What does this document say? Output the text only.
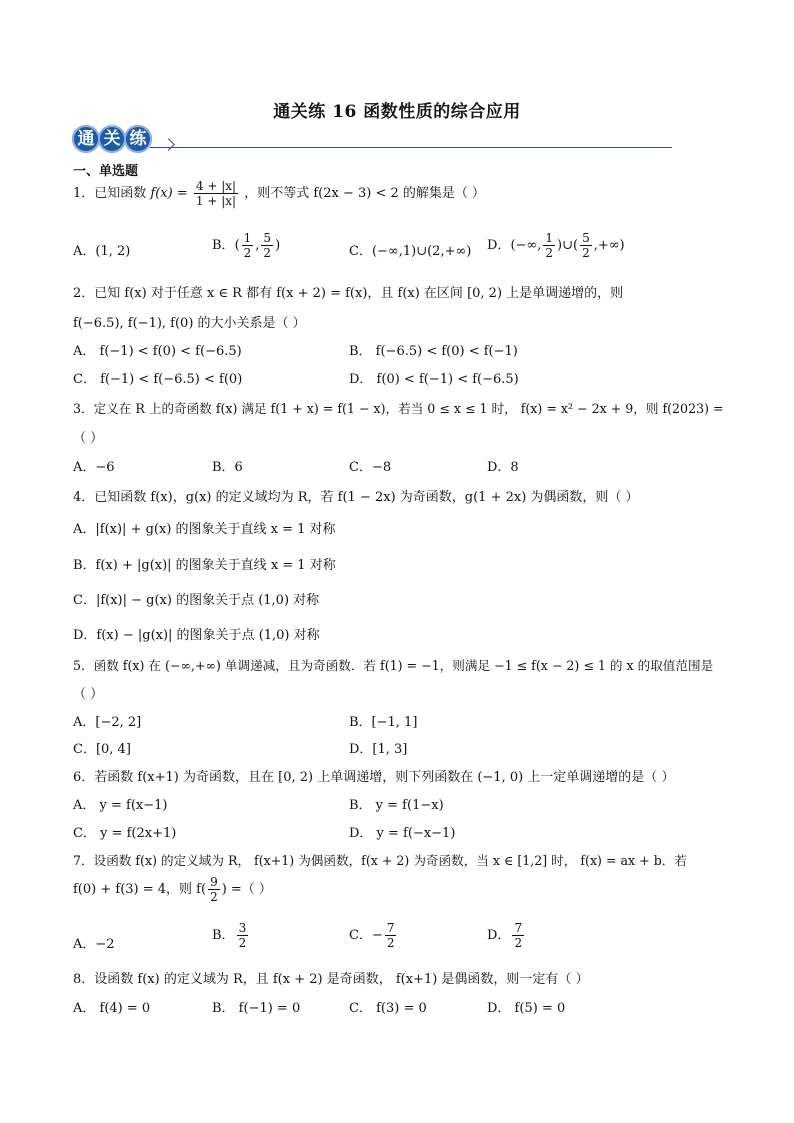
通关练 16 函数性质的综合应用
通 关 练
一、单选题
1．已知函数 $f(x) = \frac{4 + |x|}{1 + |x|}$ ，则不等式 f(2x − 3) < 2 的解集是（ ）
A．(1, 2)	B．( $\frac{1}{2}$ , $\frac{5}{2}$ )	C．(−∞,1)∪(2,+∞) D．(−∞, $\frac{1}{2}$ )∪( $\frac{5}{2}$ ,+∞)
2．已知 f(x) 对于任意 x ∈ R 都有 f(x + 2) = f(x)，且 f(x) 在区间 [0, 2) 上是单调递增的，则
f(−6.5), f(−1), f(0) 的大小关系是（ ）
A． f(−1) < f(0) < f(−6.5)	B． f(−6.5) < f(0) < f(−1)
C． f(−1) < f(−6.5) < f(0)	D． f(0) < f(−1) < f(−6.5)
3．定义在 R 上的奇函数 f(x) 满足 f(1 + x) = f(1 − x)，若当 0 ≤ x ≤ 1 时， f(x) = x² − 2x + 9，则 f(2023) =
（ ）
A．−6	B．6	C．−8	D．8
4．已知函数 f(x)，g(x) 的定义域均为 R，若 f(1 − 2x) 为奇函数，g(1 + 2x) 为偶函数，则（ ）
A．|f(x)| + g(x) 的图象关于直线 x = 1 对称
B．f(x) + |g(x)| 的图象关于直线 x = 1 对称
C．|f(x)| − g(x) 的图象关于点 (1,0) 对称
D．f(x) − |g(x)| 的图象关于点 (1,0) 对称
5．函数 f(x) 在 (−∞,+∞) 单调递减，且为奇函数．若 f(1) = −1，则满足 −1 ≤ f(x − 2) ≤ 1 的 x 的取值范围是
（ ）
A．[−2, 2]	B．[−1, 1]
C．[0, 4]	D．[1, 3]
6．若函数 f(x+1) 为奇函数，且在 [0, 2) 上单调递增，则下列函数在 (−1, 0) 上一定单调递增的是（ ）
A． y = f(x−1)	B． y = f(1−x)
C． y = f(2x+1)	D． y = f(−x−1)
7．设函数 f(x) 的定义域为 R， f(x+1) 为偶函数，f(x + 2) 为奇函数，当 x ∈ [1,2] 时， f(x) = ax + b．若
f(0) + f(3) = 4，则 $f( \frac{9}{2}$ ) =（ ）
A．−2
B． $\frac{3}{2}$	C．− $\frac{7}{2}$	D． $\frac{7}{2}$
8．设函数 f(x) 的定义域为 R，且 f(x + 2) 是奇函数， f(x+1) 是偶函数，则一定有（ ）
A． f(4) = 0	B． f(−1) = 0	C． f(3) = 0	D． f(5) = 0
